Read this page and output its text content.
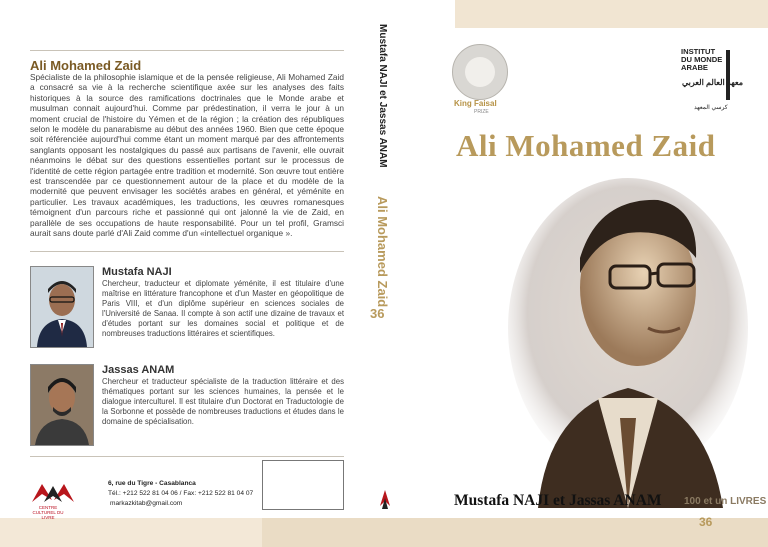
Ali Mohamed Zaid
Spécialiste de la philosophie islamique et de la pensée religieuse, Ali Mohamed Zaid a consacré sa vie à la recherche scientifique axée sur les analyses des faits historiques à la source des ramifications doctrinales que le Monde arabe et musulman connait aujourd'hui. Comme par prédestination, il verra le jour à un moment crucial de l'histoire du Yémen et de la région ; la création des républiques selon le modèle du panarabisme au début des années 1960. Bien que cette époque soit référenciée aujourd'hui comme étant un moment marqué par des affrontements sanglants opposant les nostalgiques du passé aux partisans de l'avenir, elle ouvrait néanmoins le débat sur des questions essentielles portant sur le processus de l'identité de cette région partagée entre tradition et modernité. Son œuvre tout entière est transcendée par ce questionnement autour de la place et du modèle de la modernité que peuvent envisager les sociétés arabes en général, et yéménite en particulier. Les travaux académiques, les traductions, les œuvres romanesques témoignent d'un parcours riche et passionné qui ont jalonné la vie de Zaid, en parallèle de ses occupations de haute responsabilité. Pour un tel profil, Gramsci aurait sans doute parlé d'Ali Zaid comme d'un «intellectuel organique ».
Mustafa NAJI
Chercheur, traducteur et diplomate yéménite, il est titulaire d'une maîtrise en littérature francophone et d'un Master en géopolitique de Paris VIII, et d'un diplôme supérieur en sciences sociales de l'Université de Sanaa. Il compte à son actif une dizaine de travaux et d'études portant sur les domaines social et politique et de nombreuses traductions littéraires et scientifiques.
Jassas ANAM
Chercheur et traducteur spécialiste de la traduction littéraire et des thématiques portant sur les sciences humaines, la pensée et le dialogue interculturel. Il est titulaire d'un Doctorat en Traductologie de la Sorbonne et possède de nombreuses traductions et études dans le domaine de spécialisation.
CENTRE CULTUREL DU LIVRE
6, rue du Tigre - Casablanca
Tél.: +212 522 81 04 06 / Fax: +212 522 81 04 07
markazkitab@gmail.com
Mustafa NAJI et Jassas ANAM
Ali Mohamed Zaid
36
King Faisal
PRIZE
INSTITUT
DU MONDE
ARABE
معهد العالم العربي
كرسي المعهد
Ali Mohamed Zaid
Mustafa NAJI et Jassas ANAM 100 et un LIVRES
36
